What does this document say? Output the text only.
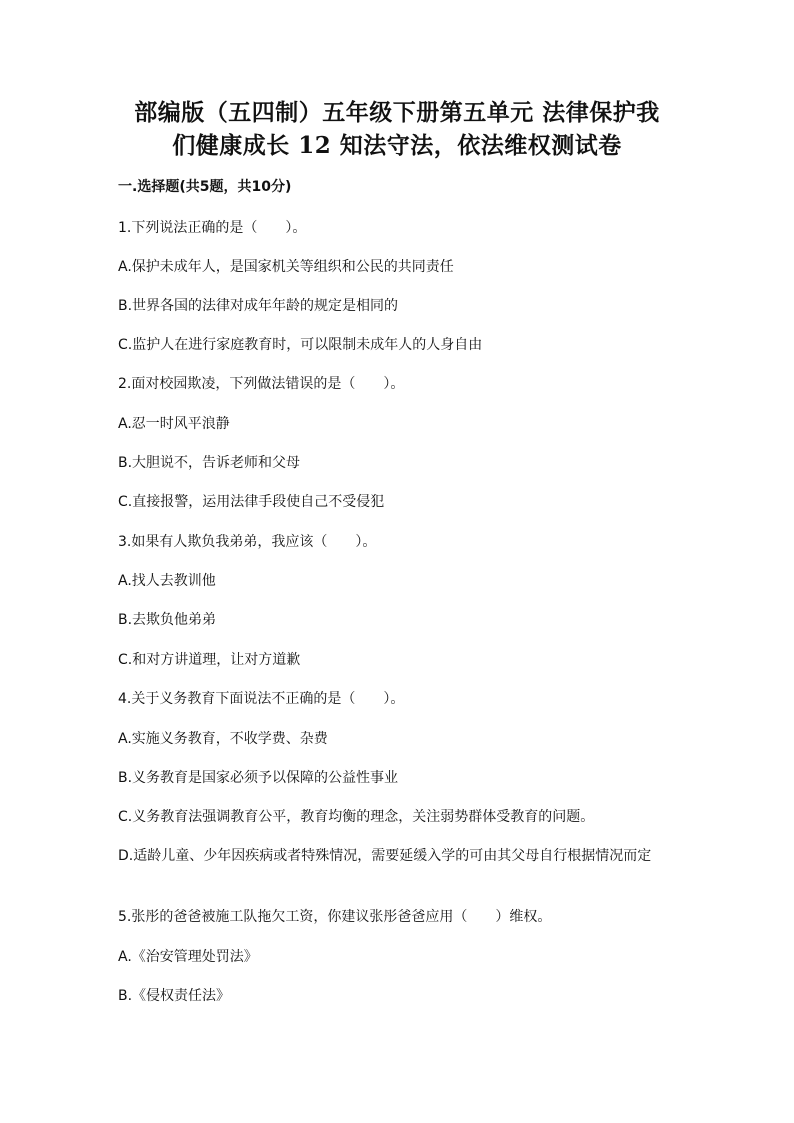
部编版（五四制）五年级下册第五单元 法律保护我
们健康成长 12 知法守法，依法维权测试卷
一.选择题(共5题，共10分)
1.下列说法正确的是（　　）。
A.保护未成年人，是国家机关等组织和公民的共同责任
B.世界各国的法律对成年年龄的规定是相同的
C.监护人在进行家庭教育时，可以限制未成年人的人身自由
2.面对校园欺凌，下列做法错误的是（　　）。
A.忍一时风平浪静
B.大胆说不，告诉老师和父母
C.直接报警，运用法律手段使自己不受侵犯
3.如果有人欺负我弟弟，我应该（　　）。
A.找人去教训他
B.去欺负他弟弟
C.和对方讲道理，让对方道歉
4.关于义务教育下面说法不正确的是（　　）。
A.实施义务教育，不收学费、杂费
B.义务教育是国家必须予以保障的公益性事业
C.义务教育法强调教育公平，教育均衡的理念，关注弱势群体受教育的问题。
D.适龄儿童、少年因疾病或者特殊情况，需要延缓入学的可由其父母自行根据情况而定
5.张彤的爸爸被施工队拖欠工资，你建议张彤爸爸应用（　　）维权。
A.《治安管理处罚法》
B.《侵权责任法》
